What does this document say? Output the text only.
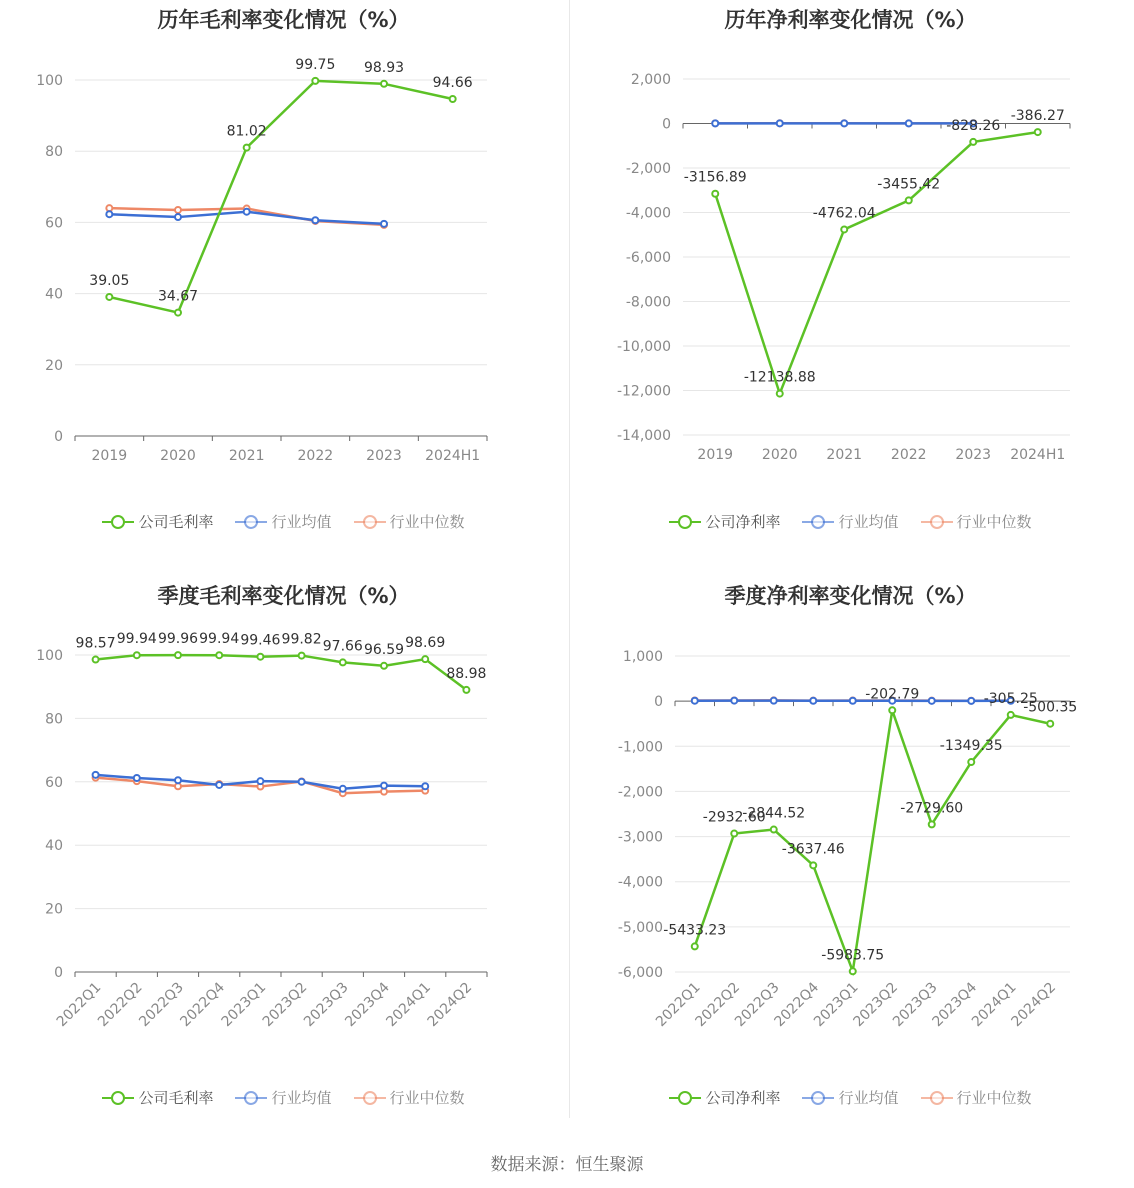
历年毛利率变化情况（%）
0
20
40
60
80
100
2019 2020 2021 2022 2023 2024H1
39.05
34.67
81.02
99.75 98.93
94.66
公司毛利率	行业均值	行业中位数
历年净利率变化情况（%）
-14,000
-12,000
-10,000
-8,000
-6,000
-4,000
-2,000
0
2,000
2019 2020 2021 2022 2023 2024H1
-3156.89
-12138.88
-4762.04
-3455.42
-828.26
-386.27
公司净利率	行业均值	行业中位数
季度毛利率变化情况（%）
0
20
40
60
80
100
2022Q1
2022Q2
2022Q3
2022Q4
2023Q1
2023Q2
2023Q3
2023Q4
2024Q1
2024Q2
98.57 99.94 99.96 99.94 99.46 99.82 97.66 96.59 98.69
88.98
公司毛利率	行业均值	行业中位数
季度净利率变化情况（%）
-6,000
-5,000
-4,000
-3,000
-2,000
-1,000
0
1,000
2022Q1
2022Q2
2022Q3
2022Q4
2023Q1
2023Q2
2023Q3
2023Q4
2024Q1
2024Q2
-5433.23
-2932.60
-2844.52
-3637.46
-5983.75
-202.79
-2729.60
-1349.35
-305.25
-500.35
公司净利率	行业均值	行业中位数
数据来源：恒生聚源
